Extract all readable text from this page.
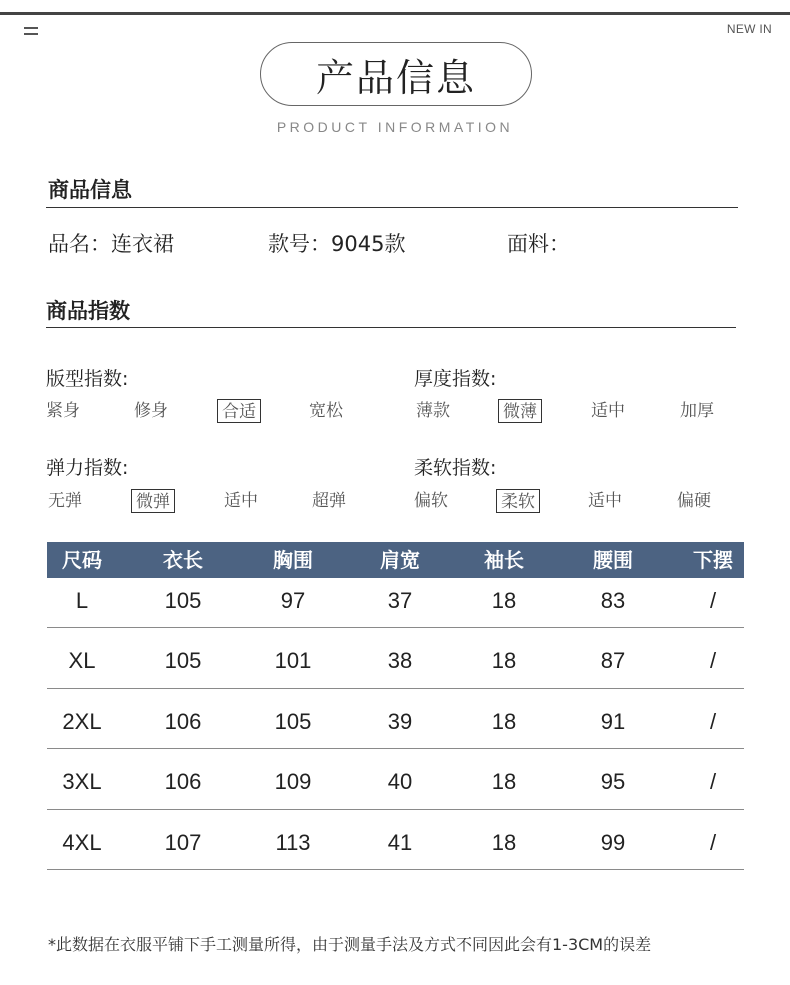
NEW IN
产品信息
PRODUCT INFORMATION
商品信息
品名：连衣裙	款号：9045款	面料：
商品指数
版型指数:
紧身	修身	合适	宽松
厚度指数:
薄款	微薄	适中	加厚
弹力指数:
无弹	微弹	适中	超弹
柔软指数:
偏软	柔软	适中	偏硬
尺码	衣长	胸围	肩宽	袖长	腰围	下摆
L	105	97	37	18	83	/
XL	105	101	38	18	87	/
2XL	106	105	39	18	91	/
3XL	106	109	40	18	95	/
4XL	107	113	41	18	99	/
*此数据在衣服平铺下手工测量所得，由于测量手法及方式不同因此会有1-3CM的误差
